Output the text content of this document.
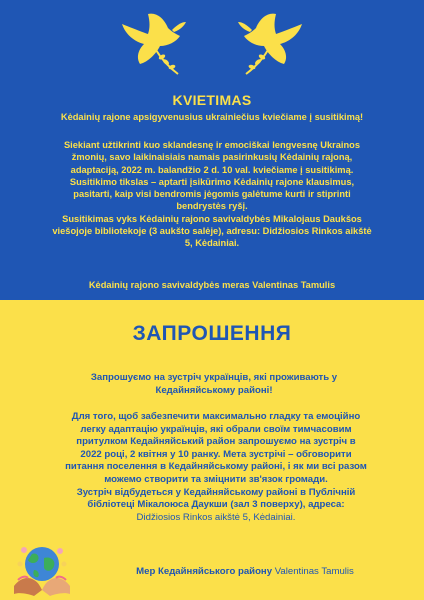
KVIETIMAS

Kėdainių rajone apsigyvenusius ukrainiečius kviečiame į susitikimą!

Siekiant užtikrinti kuo sklandesnę ir emociškai lengvesnę Ukrainos
žmonių, savo laikinaisiais namais pasirinkusių Kėdainių rajoną,
adaptaciją, 2022 m. balandžio 2 d. 10 val. kviečiame į susitikimą.
Susitikimo tikslas – aptarti įsikūrimo Kėdainių rajone klausimus,
pasitarti, kaip visi bendromis jėgomis galėtume kurti ir stiprinti
bendrystės ryšį.
Susitikimas vyks Kėdainių rajono savivaldybės Mikalojaus Daukšos
viešojoje bibliotekoje (3 aukšto salėje), adresu: Didžiosios Rinkos aikštė
5, Kėdainiai.

Kėdainių rajono savivaldybės meras Valentinas Tamulis

ЗАПРОШЕННЯ

Запрошуємо на зустріч українців, які проживають у
Кедайняйському районі!

Для того, щоб забезпечити максимально гладку та емоційно
легку адаптацію українців, які обрали своїм тимчасовим
притулком Кедайняйський район запрошуємо на зустріч в
2022 році, 2 квітня у 10 ранку. Мета зустрічі – обговорити
питання поселення в Кедайняйському районі, і як ми всі разом
можемо створити та зміцнити зв'язок громади.
Зустріч відбудеться у Кедайняйському районі в Публічній
бібліотеці Мікалоюса Даукши (зал 3 поверху), адреса:
Didžiosios Rinkos aikštė 5, Kėdainiai.

Мер Кедайняйського району Valentinas Tamulis
